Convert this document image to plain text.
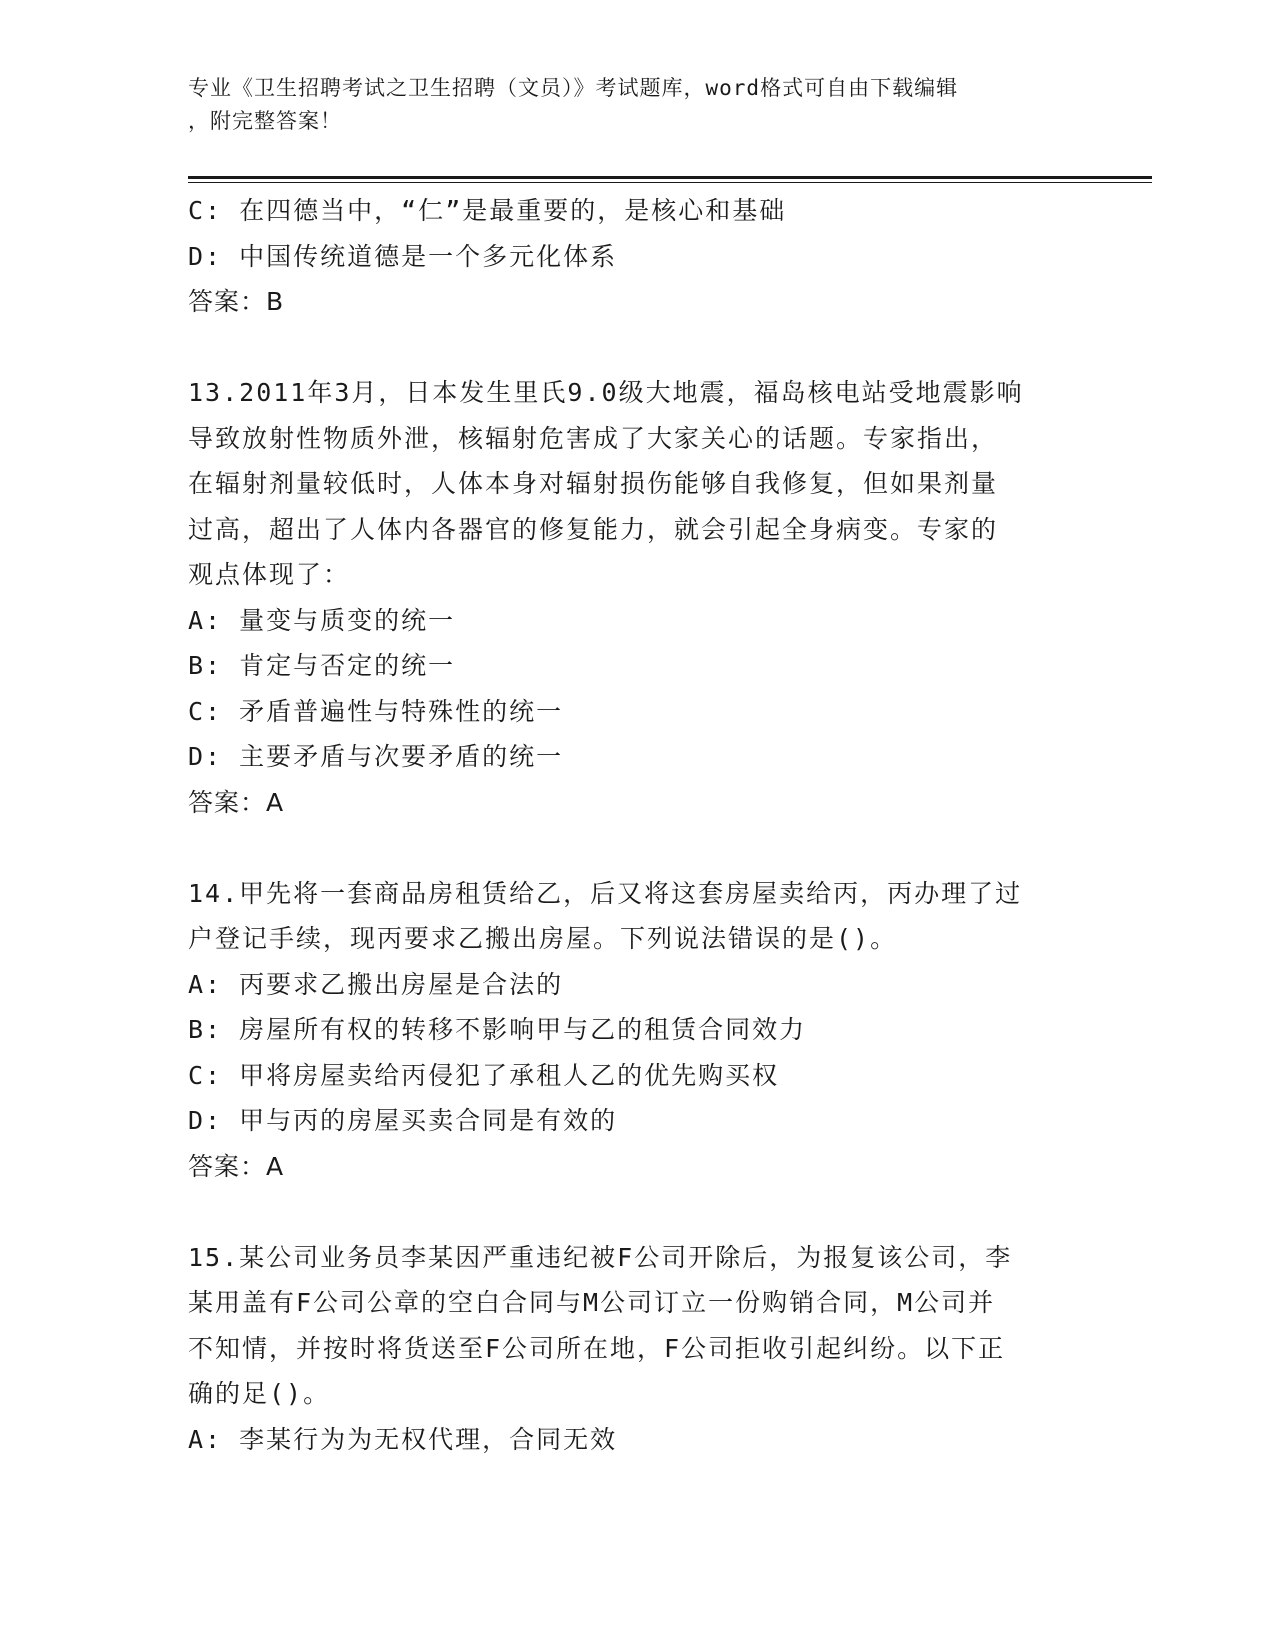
专业《卫生招聘考试之卫生招聘（文员）》考试题库，word格式可自由下载编辑
，附完整答案！
C: 在四德当中，“仁”是最重要的，是核心和基础
D: 中国传统道德是一个多元化体系
答案：B
13.2011年3月，日本发生里氏9.0级大地震，福岛核电站受地震影响
导致放射性物质外泄，核辐射危害成了大家关心的话题。专家指出，
在辐射剂量较低时，人体本身对辐射损伤能够自我修复，但如果剂量
过高，超出了人体内各器官的修复能力，就会引起全身病变。专家的
观点体现了：
A: 量变与质变的统一
B: 肯定与否定的统一
C: 矛盾普遍性与特殊性的统一
D: 主要矛盾与次要矛盾的统一
答案：A
14.甲先将一套商品房租赁给乙，后又将这套房屋卖给丙，丙办理了过
户登记手续，现丙要求乙搬出房屋。下列说法错误的是()。
A: 丙要求乙搬出房屋是合法的
B: 房屋所有权的转移不影响甲与乙的租赁合同效力
C: 甲将房屋卖给丙侵犯了承租人乙的优先购买权
D: 甲与丙的房屋买卖合同是有效的
答案：A
15.某公司业务员李某因严重违纪被F公司开除后，为报复该公司，李
某用盖有F公司公章的空白合同与M公司订立一份购销合同，M公司并
不知情，并按时将货送至F公司所在地，F公司拒收引起纠纷。以下正
确的足()。
A: 李某行为为无权代理，合同无效
